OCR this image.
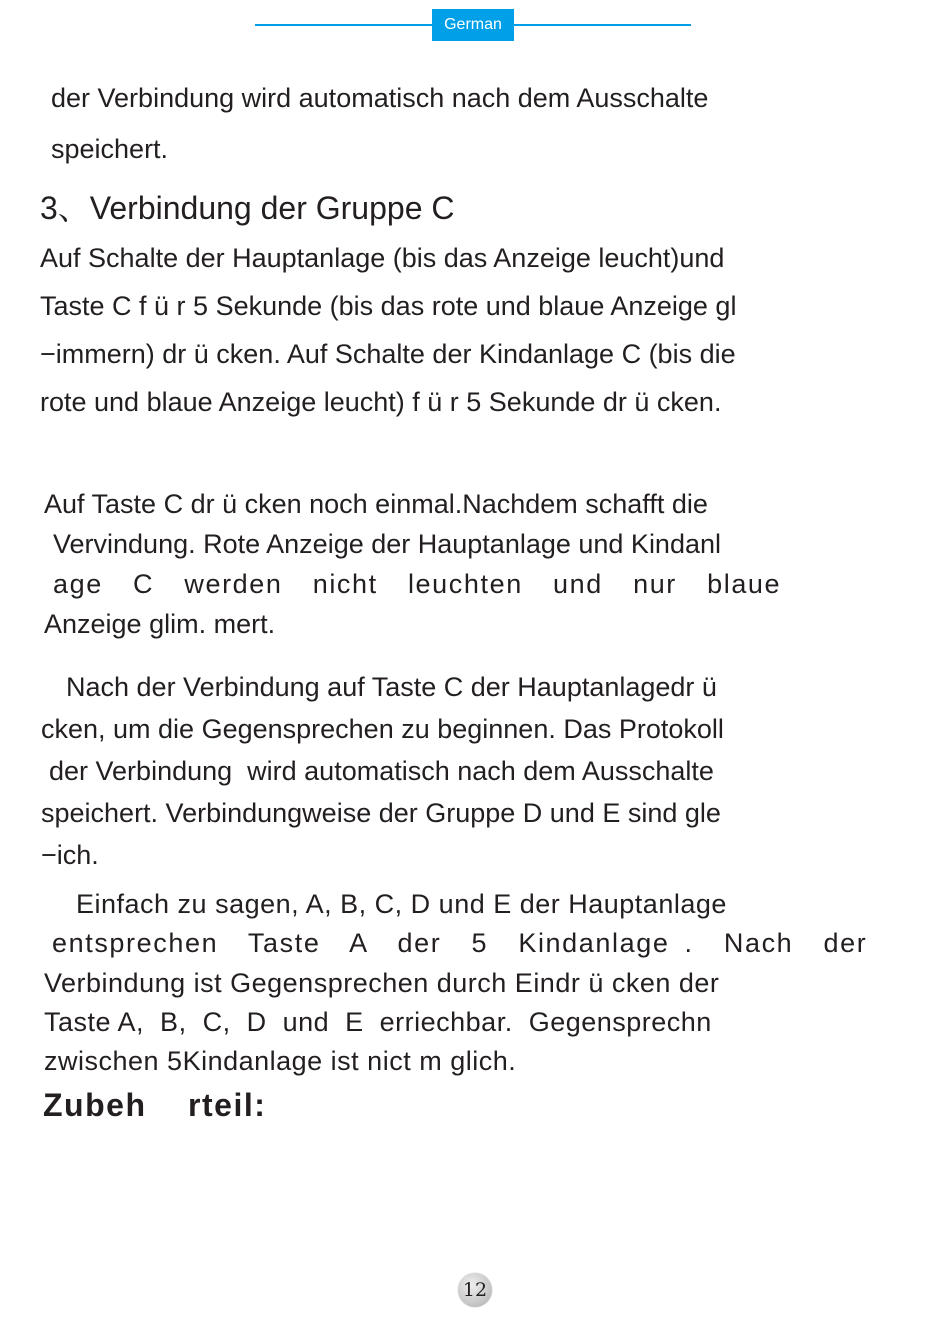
German

der Verbindung wird automatisch nach dem Ausschalte

speichert.

3、Verbindung der Gruppe C

Auf Schalte der Hauptanlage (bis das Anzeige leucht)und

Taste C f ü r 5 Sekunde (bis das rote und blaue Anzeige gl

−immern) dr ü cken. Auf Schalte der Kindanlage C (bis die

rote und blaue Anzeige leucht) f ü r 5 Sekunde dr ü cken.

Auf Taste C dr ü cken noch einmal.Nachdem schafft die

Vervindung. Rote Anzeige der Hauptanlage und Kindanl

age  C  werden  nicht  leuchten  und  nur  blaue

Anzeige glim. mert.

Nach der Verbindung auf Taste C der Hauptanlagedr ü

cken, um die Gegensprechen zu beginnen. Das Protokoll

der Verbindung  wird automatisch nach dem Ausschalte

speichert. Verbindungweise der Gruppe D und E sind gle

−ich.

Einfach zu sagen, A, B, C, D und E der Hauptanlage

entsprechen  Taste  A  der  5  Kindanlage .  Nach  der

Verbindung ist Gegensprechen durch Eindr ü cken der

Taste A,  B,  C,  D  und  E  erriechbar.  Gegensprechn

zwischen 5Kindanlage ist nict m glich.

Zubeh    rteil:
12
